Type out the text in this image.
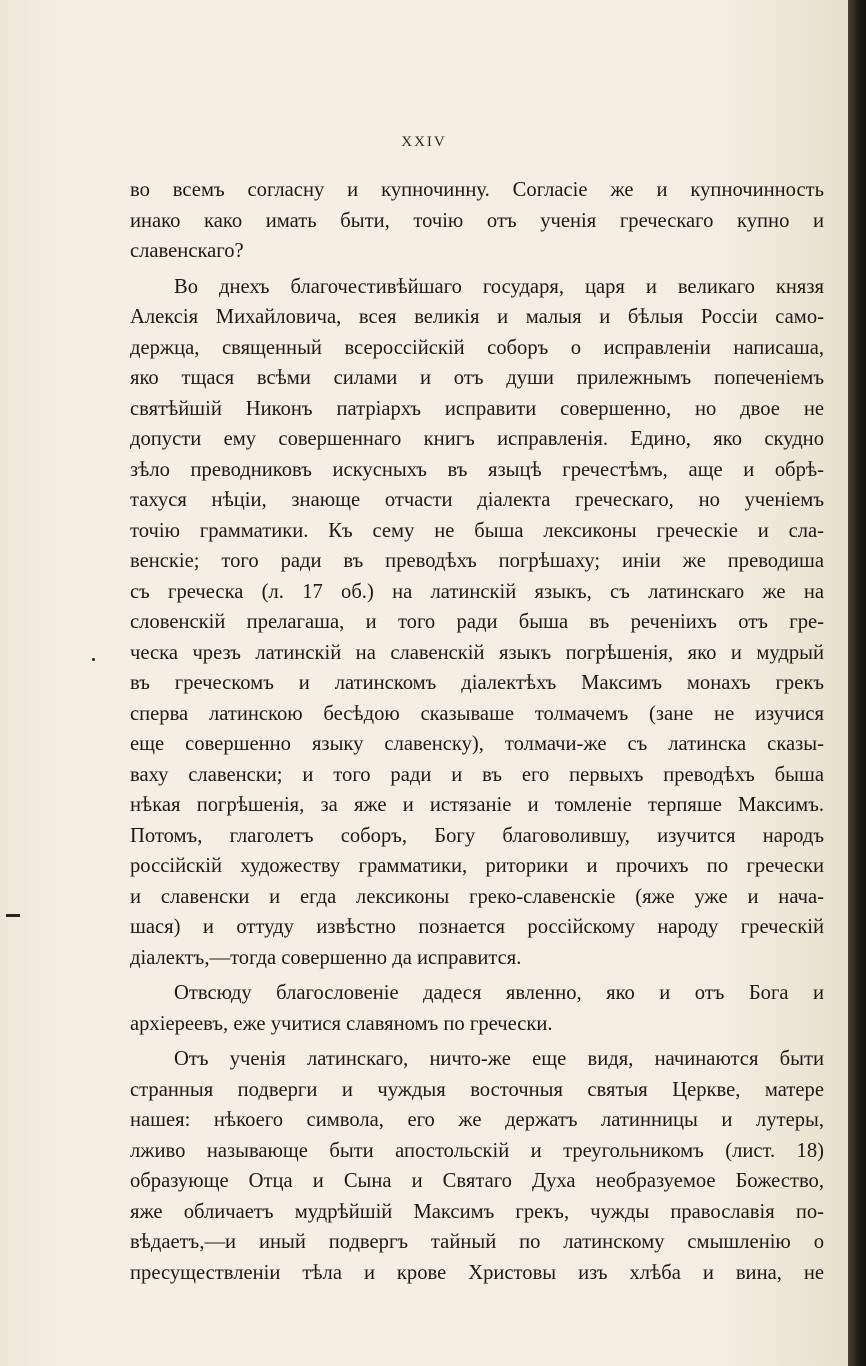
XXIV

во всемъ согласну и купночинну. Согласіе же и купночинность
инако како имать быти, точію отъ ученія греческаго купно и
славенскаго?

Во днехъ благочестивѣйшаго государя, царя и великаго князя
Алексія Михайловича, всея великія и малыя и бѣлыя Россіи само-
держца, священный всероссійскій соборъ о исправленіи написаша,
яко тщася всѣми силами и отъ души прилежнымъ попеченіемъ
святѣйшій Никонъ патріархъ исправити совершенно, но двое не
допусти ему совершеннаго книгъ исправленія. Едино, яко скудно
зѣло преводниковъ искусныхъ въ языцѣ гречестѣмъ, аще и обрѣ-
тахуся нѣціи, знающе отчасти діалекта греческаго, но ученіемъ
точію грамматики. Къ сему не быша лексиконы греческіе и сла-
венскіе; того ради въ преводѣхъ погрѣшаху; иніи же преводиша
съ греческа (л. 17 об.) на латинскій языкъ, съ латинскаго же на
словенскій прелагаша, и того ради быша въ реченіихъ отъ гре-
ческа чрезъ латинскій на славенскій языкъ погрѣшенія, яко и мудрый
въ греческомъ и латинскомъ діалектѣхъ Максимъ монахъ грекъ
сперва латинскою бесѣдою сказываше толмачемъ (зане не изучися
еще совершенно языку славенску), толмачи-же съ латинска сказы-
ваху славенски; и того ради и въ его первыхъ преводѣхъ быша
нѣкая погрѣшенія, за яже и истязаніе и томленіе терпяше Максимъ.
Потомъ, глаголетъ соборъ, Богу благоволившу, изучится народъ
россійскій художеству грамматики, риторики и прочихъ по гречески
и славенски и егда лексиконы греко-славенскіе (яже уже и нача-
шася) и оттуду извѣстно познается россійскому народу греческій
діалектъ,—тогда совершенно да исправится.

Отвсюду благословеніе дадеся явленно, яко и отъ Бога и
архіереевъ, еже учитися славяномъ по гречески.

Отъ ученія латинскаго, ничто-же еще видя, начинаются быти
странныя подверги и чуждыя восточныя святыя Церкве, матере
нашея: нѣкоего символа, его же держатъ латинницы и лутеры,
лживо называюще быти апостольскій и треугольникомъ (лист. 18)
образующе Отца и Сына и Святаго Духа необразуемое Божество,
яже обличаетъ мудрѣйшій Максимъ грекъ, чужды православія по-
вѣдаетъ,—и иный подвергъ тайный по латинскому смышленію о
пресуществленіи тѣла и крове Христовы изъ хлѣба и вина, не
